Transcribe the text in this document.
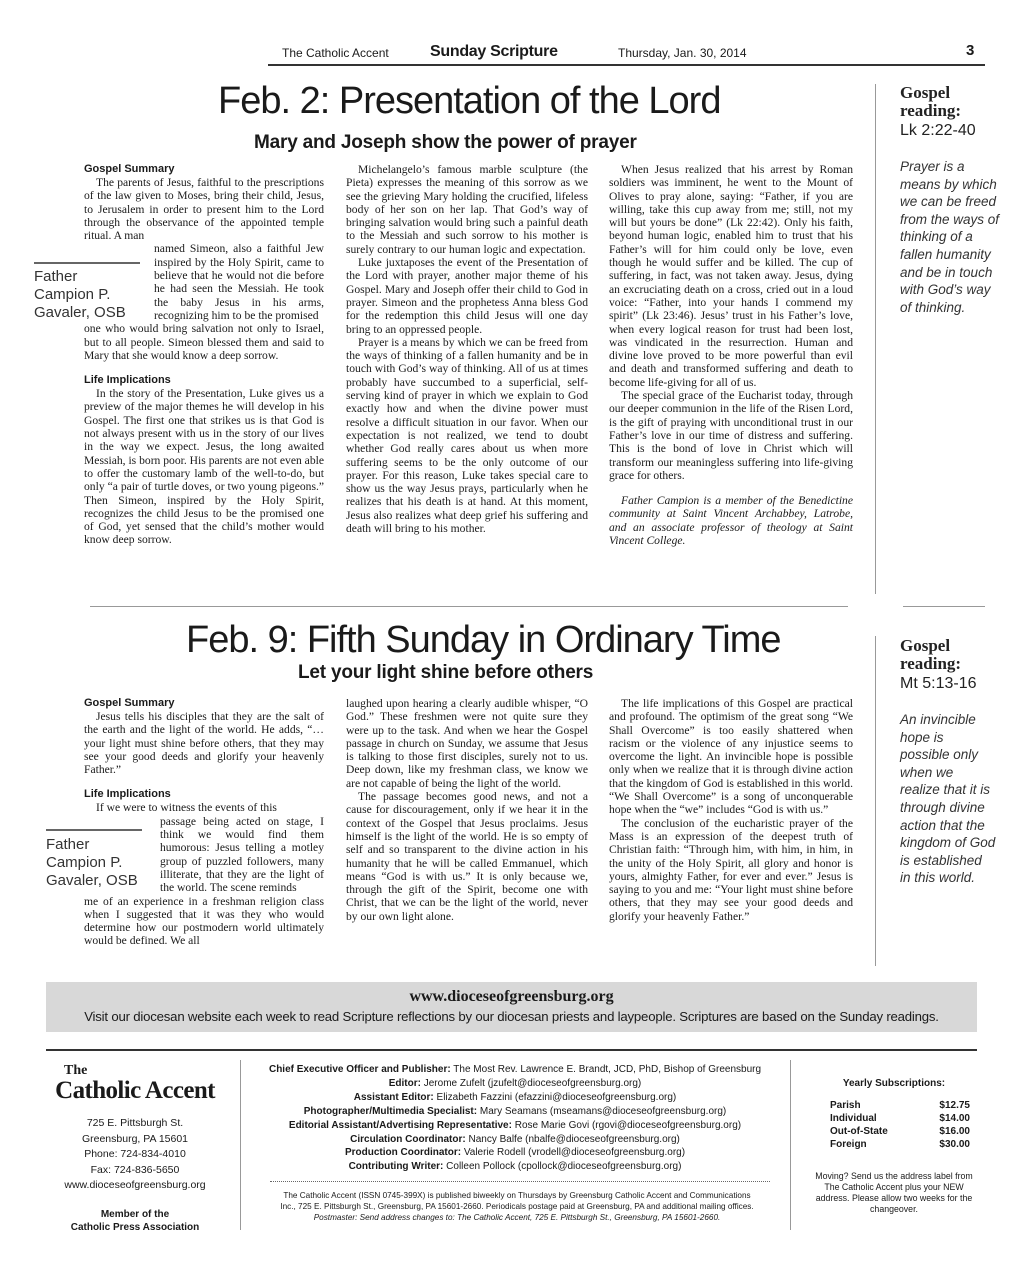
The Catholic Accent	Sunday Scripture	Thursday, Jan. 30, 2014	3
Feb. 2: Presentation of the Lord
Mary and Joseph show the power of prayer
Gospel Summary

The parents of Jesus, faithful to the prescriptions of the law given to Moses, bring their child, Jesus, to Jerusalem in order to present him to the Lord through the observance of the appointed temple ritual. A man

named Simeon, also a faithful Jew inspired by the Holy Spirit, came to believe that he would not die before he had seen the Messiah. He took the baby Jesus in his arms, recognizing him to be the promised

one who would bring salvation not only to Israel, but to all people. Simeon blessed them and said to Mary that she would know a deep sorrow.

Life Implications

In the story of the Presentation, Luke gives us a preview of the major themes he will develop in his Gospel. The first one that strikes us is that God is not always present with us in the story of our lives in the way we expect. Jesus, the long awaited Messiah, is born poor. His parents are not even able to offer the customary lamb of the well-to-do, but only “a pair of turtle doves, or two young pigeons.” Then Simeon, inspired by the Holy Spirit, recognizes the child Jesus to be the promised one of God, yet sensed that the child’s mother would know deep sorrow.

Father
Campion P.
Gavaler, OSB

Michelangelo’s famous marble sculpture (the Pieta) expresses the meaning of this sorrow as we see the grieving Mary holding the crucified, lifeless body of her son on her lap. That God’s way of bringing salvation would bring such a painful death to the Messiah and such sorrow to his mother is surely contrary to our human logic and expectation.

Luke juxtaposes the event of the Presentation of the Lord with prayer, another major theme of his Gospel. Mary and Joseph offer their child to God in prayer. Simeon and the prophetess Anna bless God for the redemption this child Jesus will one day bring to an oppressed people.

Prayer is a means by which we can be freed from the ways of thinking of a fallen humanity and be in touch with God’s way of thinking. All of us at times probably have succumbed to a superficial, self-serving kind of prayer in which we explain to God exactly how and when the divine power must resolve a difficult situation in our favor. When our expectation is not realized, we tend to doubt whether God really cares about us when more suffering seems to be the only outcome of our prayer. For this reason, Luke takes special care to show us the way Jesus prays, particularly when he realizes that his death is at hand. At this moment, Jesus also realizes what deep grief his suffering and death will bring to his mother.

When Jesus realized that his arrest by Roman soldiers was imminent, he went to the Mount of Olives to pray alone, saying: “Father, if you are willing, take this cup away from me; still, not my will but yours be done” (Lk 22:42). Only his faith, beyond human logic, enabled him to trust that his Father’s will for him could only be love, even though he would suffer and be killed. The cup of suffering, in fact, was not taken away. Jesus, dying an excruciating death on a cross, cried out in a loud voice: “Father, into your hands I commend my spirit” (Lk 23:46). Jesus’ trust in his Father’s love, when every logical reason for trust had been lost, was vindicated in the resurrection. Human and divine love proved to be more powerful than evil and death and transformed suffering and death to become life-giving for all of us.

The special grace of the Eucharist today, through our deeper communion in the life of the Risen Lord, is the gift of praying with unconditional trust in our Father’s love in our time of distress and suffering. This is the bond of love in Christ which will transform our meaningless suffering into life-giving grace for others.

Father Campion is a member of the Benedictine community at Saint Vincent Archabbey, Latrobe, and an associate professor of theology at Saint Vincent College.

Gospel reading:
Lk 2:22-40
Prayer is a means by which we can be freed from the ways of thinking of a fallen humanity and be in touch with God’s way of thinking.
Feb. 9: Fifth Sunday in Ordinary Time
Let your light shine before others
Gospel Summary

Jesus tells his disciples that they are the salt of the earth and the light of the world. He adds, “… your light must shine before others, that they may see your good deeds and glorify your heavenly Father.”

Life Implications

If we were to witness the events of this

passage being acted on stage, I think we would find them humorous: Jesus telling a motley group of puzzled followers, many illiterate, that they are the light of the world. The scene reminds

me of an experience in a freshman religion class when I suggested that it was they who would determine how our postmodern world ultimately would be defined. We all

Father
Campion P.
Gavaler, OSB

laughed upon hearing a clearly audible whisper, “O God.” These freshmen were not quite sure they were up to the task. And when we hear the Gospel passage in church on Sunday, we assume that Jesus is talking to those first disciples, surely not to us. Deep down, like my freshman class, we know we are not capable of being the light of the world.

The passage becomes good news, and not a cause for discouragement, only if we hear it in the context of the Gospel that Jesus proclaims. Jesus himself is the light of the world. He is so empty of self and so transparent to the divine action in his humanity that he will be called Emmanuel, which means “God is with us.” It is only because we, through the gift of the Spirit, become one with Christ, that we can be the light of the world, never by our own light alone.

The life implications of this Gospel are practical and profound. The optimism of the great song “We Shall Overcome” is too easily shattered when racism or the violence of any injustice seems to overcome the light. An invincible hope is possible only when we realize that it is through divine action that the kingdom of God is established in this world. “We Shall Overcome” is a song of unconquerable hope when the “we” includes “God is with us.”

The conclusion of the eucharistic prayer of the Mass is an expression of the deepest truth of Christian faith: “Through him, with him, in him, in the unity of the Holy Spirit, all glory and honor is yours, almighty Father, for ever and ever.” Jesus is saying to you and me: “Your light must shine before others, that they may see your good deeds and glorify your heavenly Father.”

Gospel reading:
Mt 5:13-16
An invincible hope is possible only when we realize that it is through divine action that the kingdom of God is established in this world.
www.dioceseofgreensburg.org
Visit our diocesan website each week to read Scripture reflections by our diocesan priests and laypeople. Scriptures are based on the Sunday readings.
The
Catholic Accent
725 E. Pittsburgh St.
Greensburg, PA 15601
Phone: 724-834-4010
Fax: 724-836-5650
www.dioceseofgreensburg.org
Member of the
Catholic Press Association
Chief Executive Officer and Publisher: The Most Rev. Lawrence E. Brandt, JCD, PhD, Bishop of Greensburg
Editor: Jerome Zufelt (jzufelt@dioceseofgreensburg.org)
Assistant Editor: Elizabeth Fazzini (efazzini@dioceseofgreensburg.org)
Photographer/Multimedia Specialist: Mary Seamans (mseamans@dioceseofgreensburg.org)
Editorial Assistant/Advertising Representative: Rose Marie Govi (rgovi@dioceseofgreensburg.org)
Circulation Coordinator: Nancy Balfe (nbalfe@dioceseofgreensburg.org)
Production Coordinator: Valerie Rodell (vrodell@dioceseofgreensburg.org)
Contributing Writer: Colleen Pollock (cpollock@dioceseofgreensburg.org)
The Catholic Accent (ISSN 0745-399X) is published biweekly on Thursdays by Greensburg Catholic Accent and Communications
Inc., 725 E. Pittsburgh St., Greensburg, PA 15601-2660. Periodicals postage paid at Greensburg, PA and additional mailing offices.
Postmaster: Send address changes to: The Catholic Accent, 725 E. Pittsburgh St., Greensburg, PA 15601-2660.
Yearly Subscriptions:
Parish	$12.75
Individual	$14.00
Out-of-State	$16.00
Foreign	$30.00
Moving? Send us the address label from The Catholic Accent plus your NEW address. Please allow two weeks for the changeover.
